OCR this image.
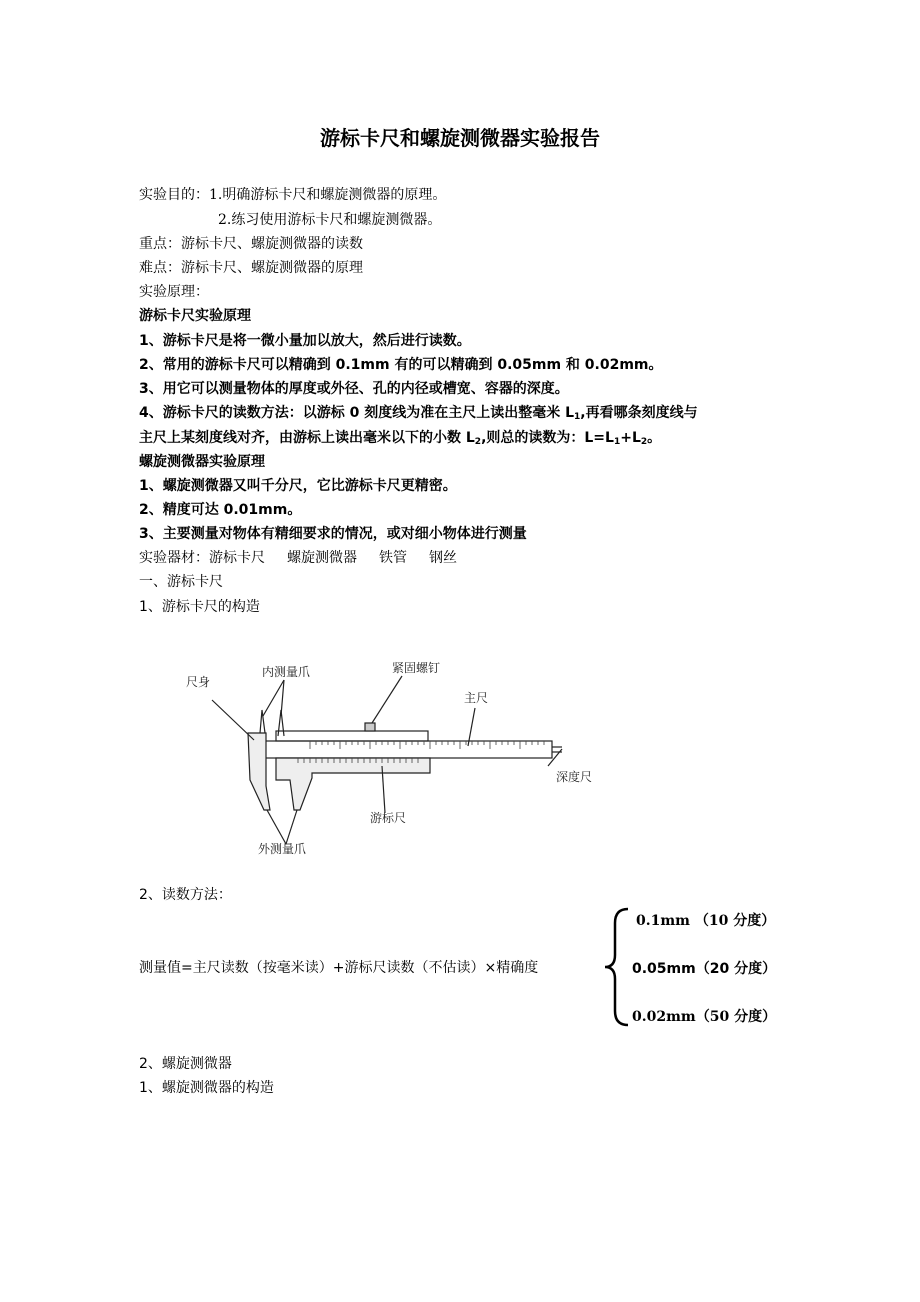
游标卡尺和螺旋测微器实验报告
实验目的：1.明确游标卡尺和螺旋测微器的原理。
2.练习使用游标卡尺和螺旋测微器。
重点：游标卡尺、螺旋测微器的读数
难点：游标卡尺、螺旋测微器的原理
实验原理：
游标卡尺实验原理
1、游标卡尺是将一微小量加以放大，然后进行读数。
2、常用的游标卡尺可以精确到 0.1mm 有的可以精确到 0.05mm 和 0.02mm。
3、用它可以测量物体的厚度或外径、孔的内径或槽宽、容器的深度。
4、游标卡尺的读数方法：以游标 0 刻度线为准在主尺上读出整毫米 $L_1$,再看哪条刻度线与
主尺上某刻度线对齐，由游标上读出毫米以下的小数 $L_2$,则总的读数为：$L=L_1+L_2$。
螺旋测微器实验原理
1、螺旋测微器又叫千分尺，它比游标卡尺更精密。
2、精度可达 0.01mm。
3、主要测量对物体有精细要求的情况，或对细小物体进行测量
实验器材：游标卡尺 螺旋测微器 铁管 钢丝
一、游标卡尺
1、游标卡尺的构造
尺身
内测量爪	紧固螺钉
主尺
深度尺
游标尺
外测量爪
2、读数方法：
测量值=主尺读数（按毫米读）+游标尺读数（不估读）×精确度
0.1mm （10 分度）
0.05mm（20 分度）
0.02mm（50 分度）
2、螺旋测微器
1、螺旋测微器的构造
